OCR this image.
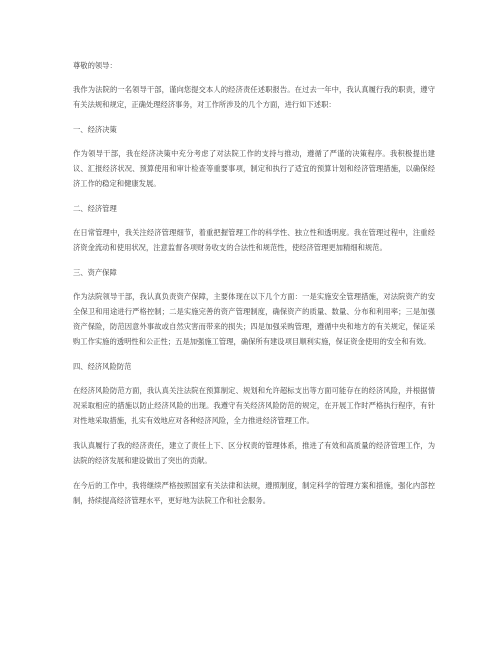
尊敬的领导：

我作为法院的一名领导干部，谨向您提交本人的经济责任述职报告。在过去一年中，我认真履行我的职责，遵守有关法规和规定，正确处理经济事务，对工作所涉及的几个方面，进行如下述职：

一、经济决策

作为领导干部，我在经济决策中充分考虑了对法院工作的支持与推动，遵循了严谨的决策程序。我积极提出建议、汇报经济状况、预算使用和审计检查等重要事项，制定和执行了适宜的预算计划和经济管理措施，以确保经济工作的稳定和健康发展。

二、经济管理

在日常管理中，我关注经济管理细节，着重把握管理工作的科学性、独立性和透明度。我在管理过程中，注重经济资金流动和使用状况，注意监督各项财务收支的合法性和规范性，使经济管理更加精细和规范。

三、资产保障

作为法院领导干部，我认真负责资产保障，主要体现在以下几个方面：一是实施安全管理措施，对法院资产的安全保卫和用途进行严格控制；二是实施完善的资产管理制度，确保资产的质量、数量、分布和利用率；三是加强资产保险，防范因意外事故或自然灾害而带来的损失；四是加强采购管理，遵循中央和地方的有关规定，保证采购工作实施的透明性和公正性；五是加强施工管理，确保所有建设项目顺利实施，保证资金使用的安全和有效。

四、经济风险防范

在经济风险防范方面，我认真关注法院在预算制定、规划和允许超标支出等方面可能存在的经济风险，并根据情况采取相应的措施以防止经济风险的出现。我遵守有关经济风险防范的规定，在开展工作时严格执行程序，有针对性地采取措施，扎实有效地应对各种经济风险，全力推进经济管理工作。

我认真履行了我的经济责任，建立了责任上下、区分权责的管理体系，推进了有效和高质量的经济管理工作，为法院的经济发展和建设做出了突出的贡献。

在今后的工作中，我将继续严格按照国家有关法律和法规，遵照制度，制定科学的管理方案和措施，强化内部控制，持续提高经济管理水平，更好地为法院工作和社会服务。
